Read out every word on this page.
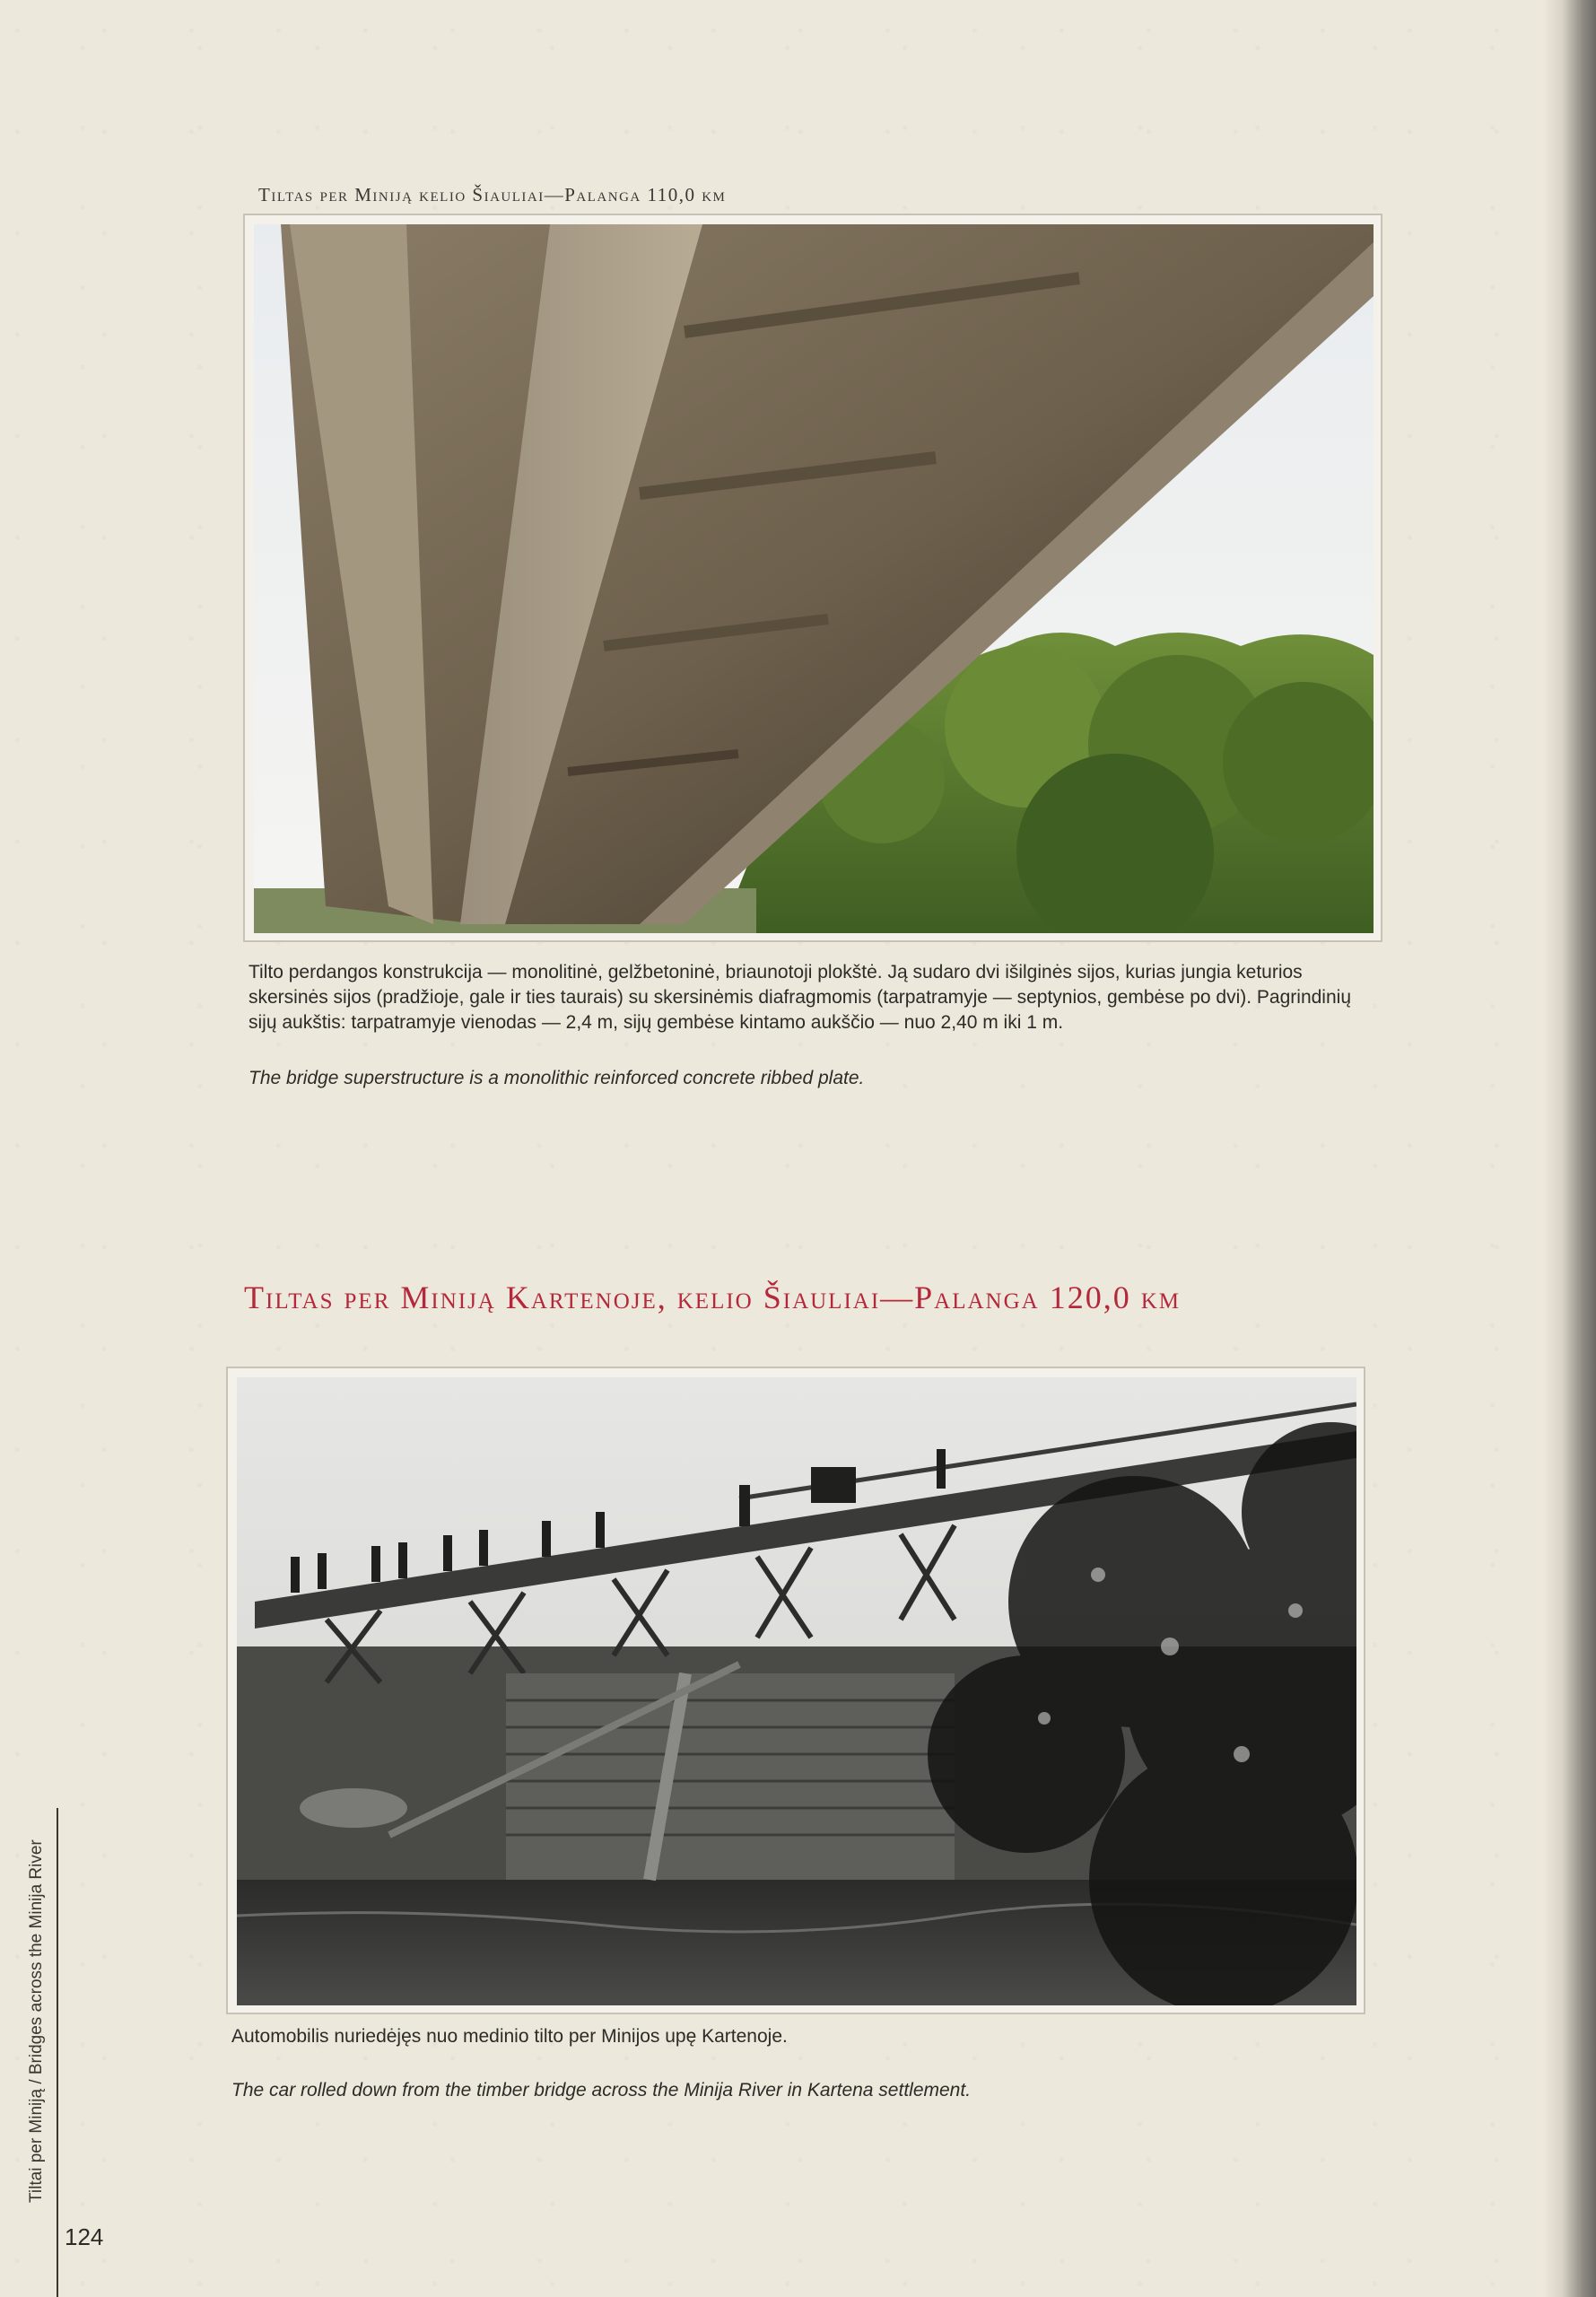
Tiltas per Miniją kelio Šiauliai—Palanga 110,0 km
Tilto perdangos konstrukcija — monolitinė, gelžbetoninė, briaunotoji plokštė. Ją sudaro dvi išilginės sijos, kurias jungia keturios skersinės sijos (pradžioje, gale ir ties taurais) su skersinėmis diafragmomis (tarpatramyje — septynios, gembėse po dvi). Pagrindinių sijų aukštis: tarpatramyje vienodas — 2,4 m, sijų gembėse kintamo aukščio — nuo 2,40 m iki 1 m.
The bridge superstructure is a monolithic reinforced concrete ribbed plate.
Tiltas per Miniją Kartenoje, kelio Šiauliai—Palanga 120,0 km
Automobilis nuriedėjęs nuo medinio tilto per Minijos upę Kartenoje.
The car rolled down from the timber bridge across the Minija River in Kartena settlement.
Tiltai per Miniją / Bridges across the Minija River
124
